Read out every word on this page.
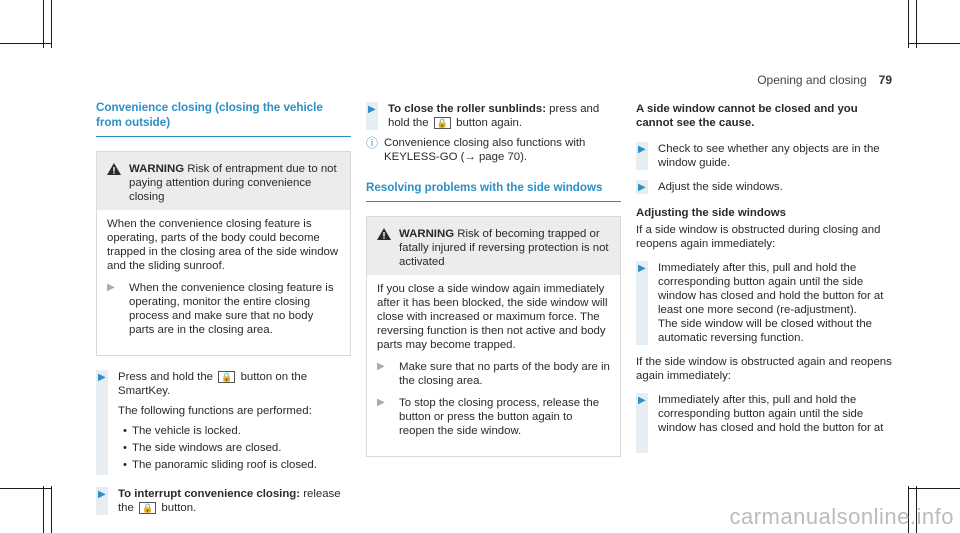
Opening and closing 79
Convenience closing (closing the vehicle from outside)
WARNING Risk of entrapment due to not paying attention during convenience closing

When the convenience closing feature is operating, parts of the body could become trapped in the closing area of the side window and the sliding sunroof.

▶	When the convenience closing feature is operating, monitor the entire closing process and make sure that no body parts are in the closing area.
▶ Press and hold the 🔒 button on the SmartKey.

The following functions are performed:

• The vehicle is locked.
• The side windows are closed.
• The panoramic sliding roof is closed.
▶ To interrupt convenience closing: release
the 🔒 button.
▶ To close the roller sunblinds: press and
hold the 🔒 button again.
ⓘ Convenience closing also functions with KEYLESS-GO (→ page 70).
Resolving problems with the side windows
WARNING Risk of becoming trapped or fatally injured if reversing protection is not activated

If you close a side window again immediately after it has been blocked, the side window will close with increased or maximum force. The reversing function is then not active and body parts may become trapped.

▶	Make sure that no parts of the body are in the closing area.
▶	To stop the closing process, release the button or press the button again to reopen the side window.

A side window cannot be closed and you cannot see the cause.

▶ Check to see whether any objects are in the window guide.
▶ Adjust the side windows.

Adjusting the side windows

If a side window is obstructed during closing and reopens again immediately:

▶ Immediately after this, pull and hold the corresponding button again until the side window has closed and hold the button for at least one more second (re-adjustment).
The side window will be closed without the automatic reversing function.

If the side window is obstructed again and reopens again immediately:

▶ Immediately after this, pull and hold the corresponding button again until the side window has closed and hold the button for at
carmanualsonline.info
